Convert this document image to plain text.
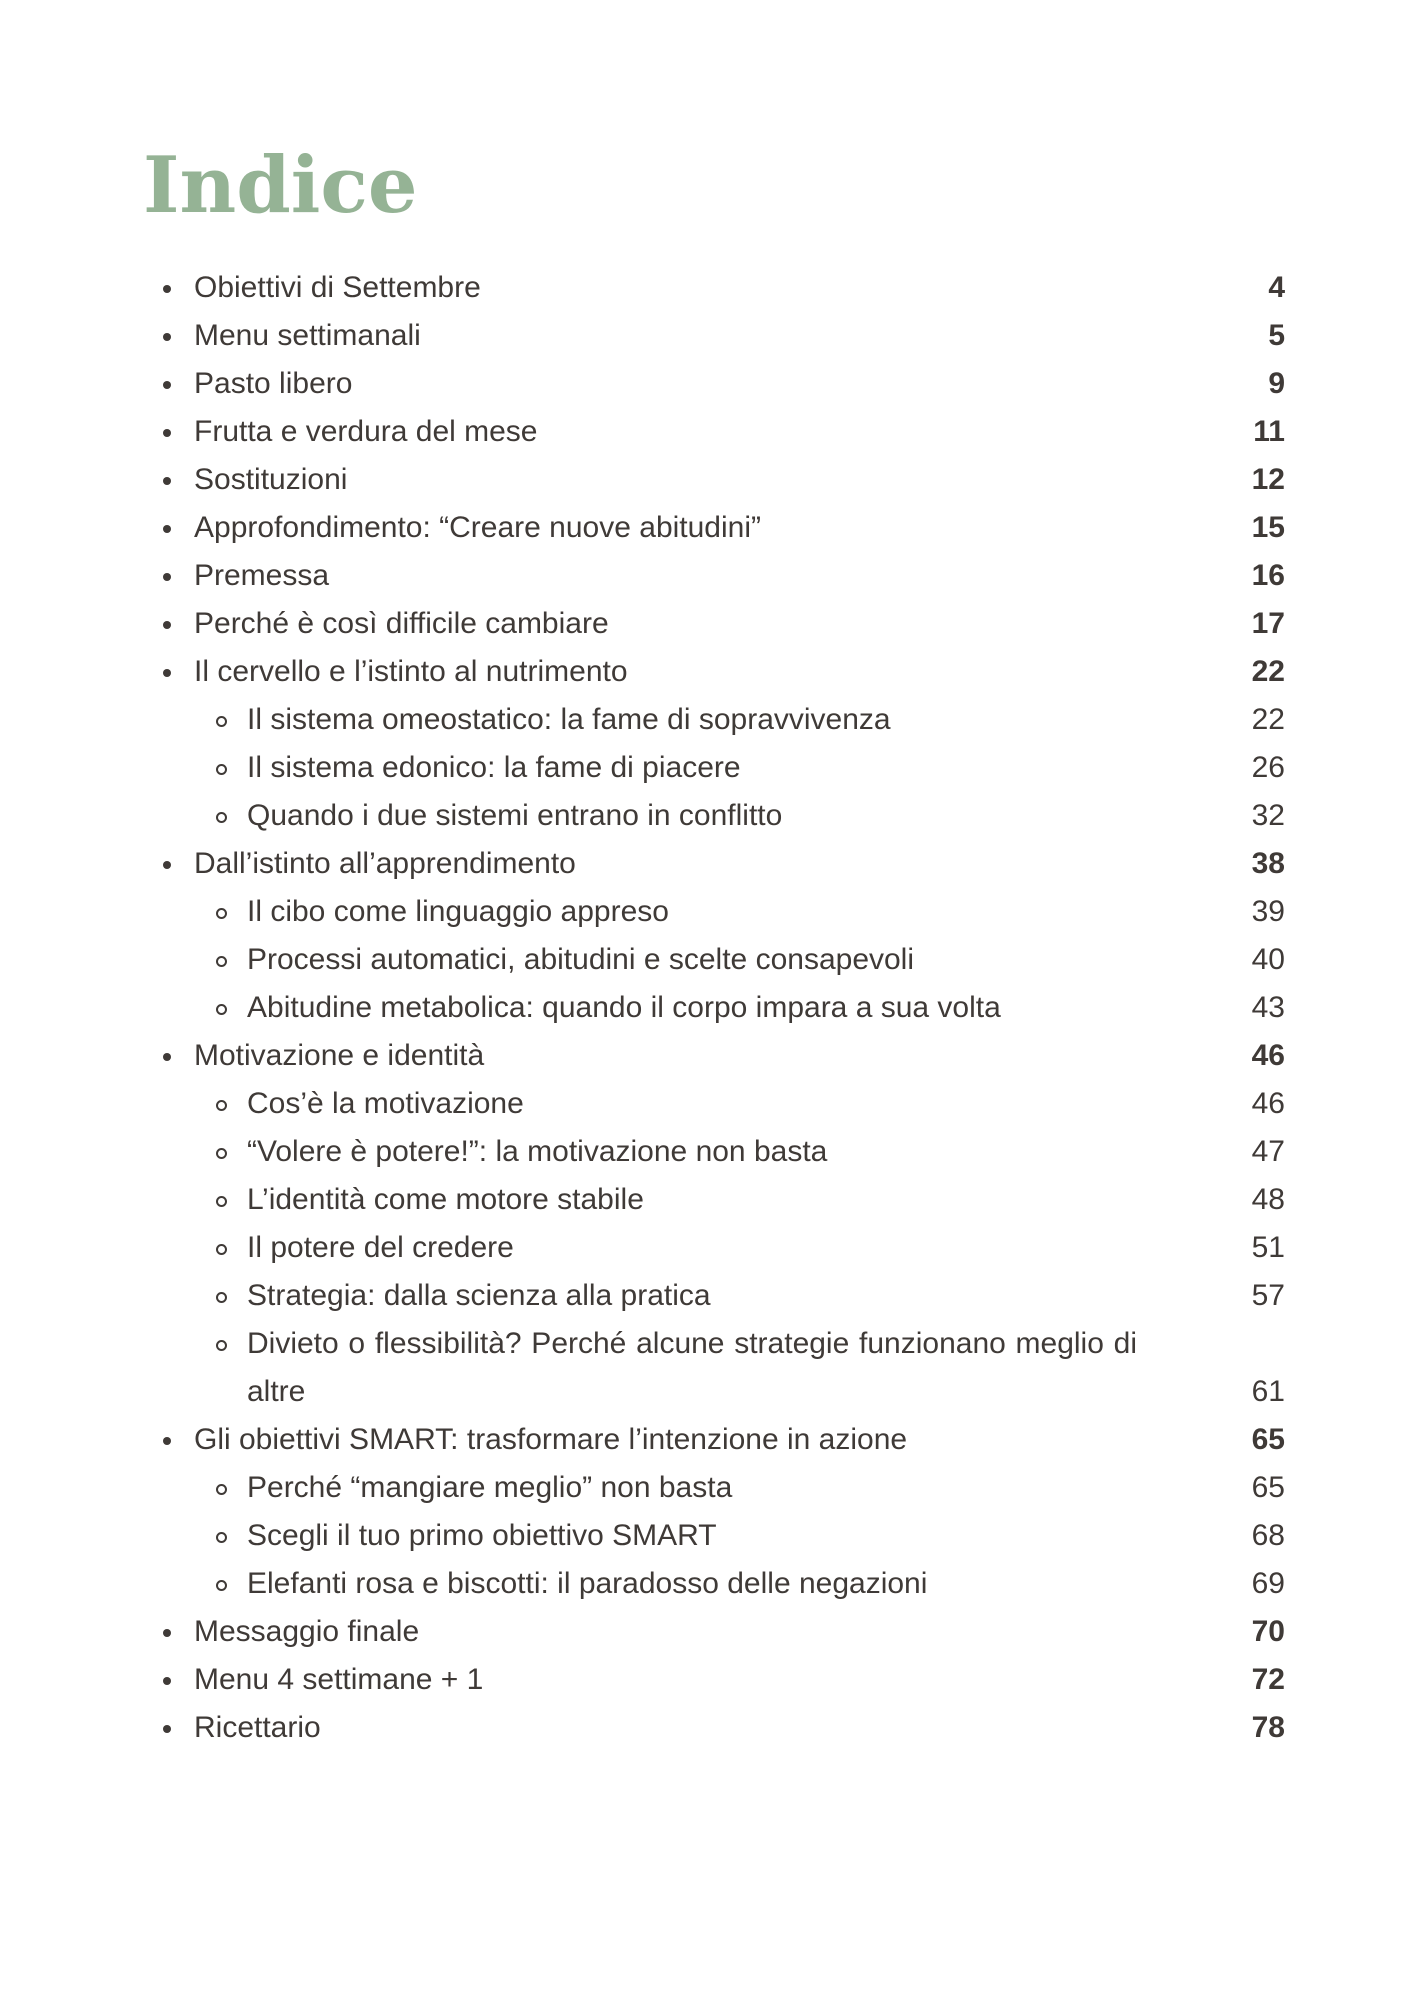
Indice
Obiettivi di Settembre	4
Menu settimanali	5
Pasto libero	9
Frutta e verdura del mese	11
Sostituzioni	12
Approfondimento: “Creare nuove abitudini”	15
Premessa	16
Perché è così difficile cambiare	17
Il cervello e l’istinto al nutrimento	22
Il sistema omeostatico: la fame di sopravvivenza	22
Il sistema edonico: la fame di piacere	26
Quando i due sistemi entrano in conflitto	32
Dall’istinto all’apprendimento	38
Il cibo come linguaggio appreso	39
Processi automatici, abitudini e scelte consapevoli	40
Abitudine metabolica: quando il corpo impara a sua volta	43
Motivazione e identità	46
Cos’è la motivazione	46
“Volere è potere!”: la motivazione non basta	47
L’identità come motore stabile	48
Il potere del credere	51
Strategia: dalla scienza alla pratica	57
Divieto o flessibilità? Perché alcune strategie funzionano meglio di altre	61
Gli obiettivi SMART: trasformare l’intenzione in azione	65
Perché “mangiare meglio” non basta	65
Scegli il tuo primo obiettivo SMART	68
Elefanti rosa e biscotti: il paradosso delle negazioni	69
Messaggio finale	70
Menu 4 settimane + 1	72
Ricettario	78
